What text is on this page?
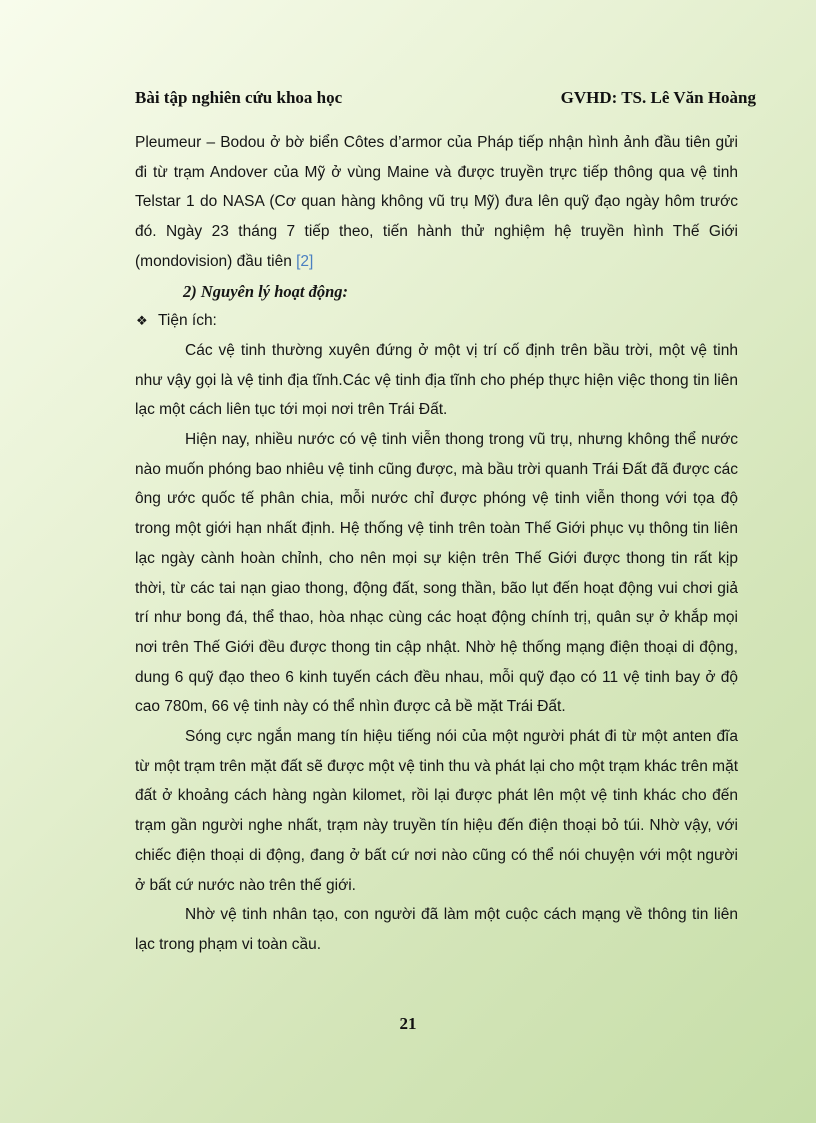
Bài tập nghiên cứu khoa học	GVHD: TS. Lê Văn Hoàng

Pleumeur – Bodou ở bờ biển Côtes d’armor của Pháp tiếp nhận hình ảnh đầu tiên gửi đi từ trạm Andover của Mỹ ở vùng Maine và được truyền trực tiếp thông qua vệ tinh Telstar 1 do NASA (Cơ quan hàng không vũ trụ Mỹ) đưa lên quỹ đạo ngày hôm trước đó. Ngày 23 tháng 7 tiếp theo, tiến hành thử nghiệm hệ truyền hình Thế Giới (mondovision) đầu tiên [2]

2) Nguyên lý hoạt động:

❖ Tiện ích:

Các vệ tinh thường xuyên đứng ở một vị trí cố định trên bầu trời, một vệ tinh như vậy gọi là vệ tinh địa tĩnh.Các vệ tinh địa tĩnh cho phép thực hiện việc thong tin liên lạc một cách liên tục tới mọi nơi trên Trái Đất.

Hiện nay, nhiều nước có vệ tinh viễn thong trong vũ trụ, nhưng không thể nước nào muốn phóng bao nhiêu vệ tinh cũng được, mà bầu trời quanh Trái Đất đã được các ông ước quốc tế phân chia, mỗi nước chỉ được phóng vệ tinh viễn thong với tọa độ trong một giới hạn nhất định. Hệ thống vệ tinh trên toàn Thế Giới phục vụ thông tin liên lạc ngày cành hoàn chỉnh, cho nên mọi sự kiện trên Thế Giới được thong tin rất kịp thời, từ các tai nạn giao thong, động đất, song thần, bão lụt đến hoạt động vui chơi giả trí như bong đá, thể thao, hòa nhạc cùng các hoạt động chính trị, quân sự ở khắp mọi nơi trên Thế Giới đều được thong tin cập nhật. Nhờ hệ thống mạng điện thoại di động, dung 6 quỹ đạo theo 6 kinh tuyến cách đều nhau, mỗi quỹ đạo có 11 vệ tinh bay ở độ cao 780m, 66 vệ tinh này có thể nhìn được cả bề mặt Trái Đất.

Sóng cực ngắn mang tín hiệu tiếng nói của một người phát đi từ một anten đĩa từ một trạm trên mặt đất sẽ được một vệ tinh thu và phát lại cho một trạm khác trên mặt đất ở khoảng cách hàng ngàn kilomet, rồi lại được phát lên một vệ tinh khác cho đến trạm gần người nghe nhất, trạm này truyền tín hiệu đến điện thoại bỏ túi. Nhờ vậy, với chiếc điện thoại di động, đang ở bất cứ nơi nào cũng có thể nói chuyện với một người ở bất cứ nước nào trên thế giới.

Nhờ vệ tinh nhân tạo, con người đã làm một cuộc cách mạng về thông tin liên lạc trong phạm vi toàn cầu.

21
